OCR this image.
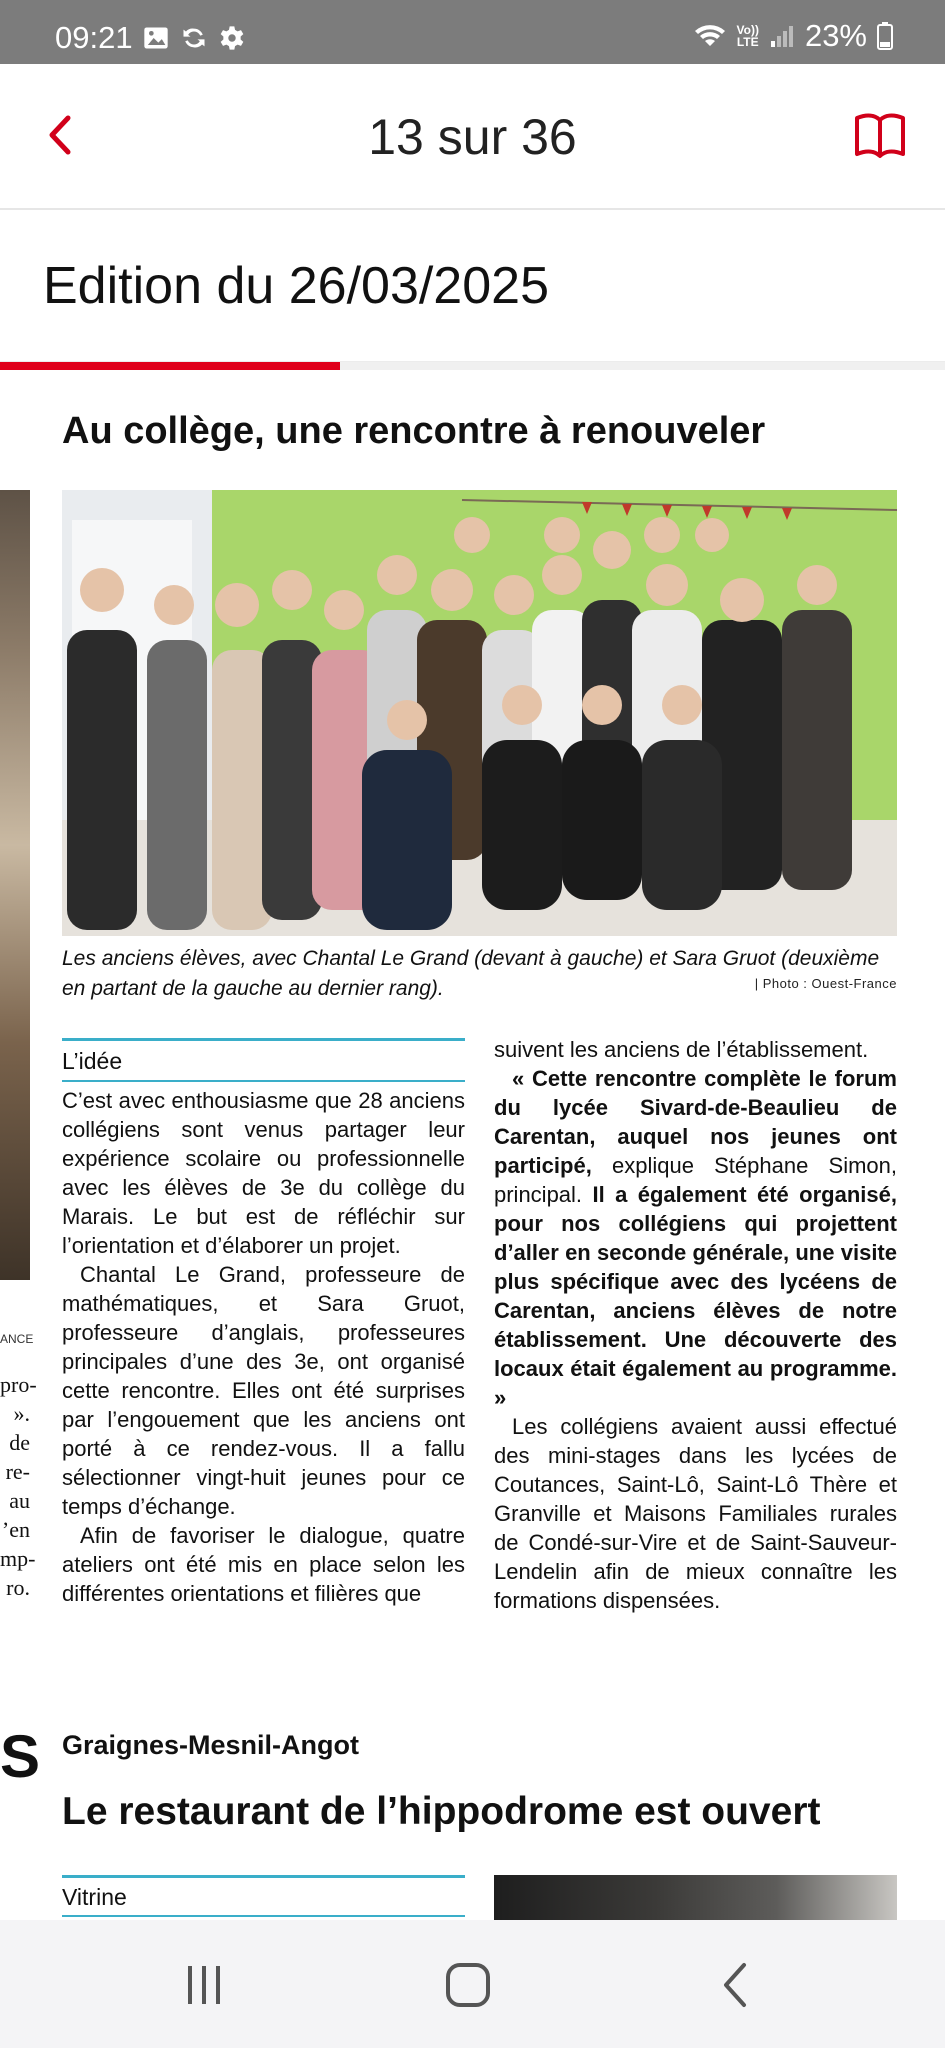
09:21	Vo))
LTE 23%
13 sur 36
Edition du 26/03/2025
ANCE
pro-
».
de
re-
au
’en
mp-
ro.
S
Au collège, une rencontre à renouveler
Les anciens élèves, avec Chantal Le Grand (devant à gauche) et Sara Gruot (deuxième en partant de la gauche au dernier rang).	| Photo : Ouest-France
L’idée

C’est avec enthousiasme que 28 anciens collégiens sont venus partager leur expérience scolaire ou professionnelle avec les élèves de 3e du collège du Marais. Le but est de réfléchir sur l’orientation et d’élaborer un projet.

Chantal Le Grand, professeure de mathématiques, et Sara Gruot, professeure d’anglais, professeures principales d’une des 3e, ont organisé cette rencontre. Elles ont été surprises par l’engouement que les anciens ont porté à ce rendez-vous. Il a fallu sélectionner vingt-huit jeunes pour ce temps d’échange.

Afin de favoriser le dialogue, quatre ateliers ont été mis en place selon les différentes orientations et filières que

suivent les anciens de l’établissement.

« Cette rencontre complète le forum du lycée Sivard-de-Beaulieu de Carentan, auquel nos jeunes ont participé, explique Stéphane Simon, principal. Il a également été organisé, pour nos collégiens qui projettent d’aller en seconde générale, une visite plus spécifique avec des lycéens de Carentan, anciens élèves de notre établissement. Une découverte des locaux était également au programme. »

Les collégiens avaient aussi effectué des mini-stages dans les lycées de Coutances, Saint-Lô, Saint-Lô Thère et Granville et Maisons Familiales rurales de Condé-sur-Vire et de Saint-Sauveur-Lendelin afin de mieux connaître les formations dispensées.

Graignes-Mesnil-Angot
Le restaurant de l’hippodrome est ouvert
Vitrine
